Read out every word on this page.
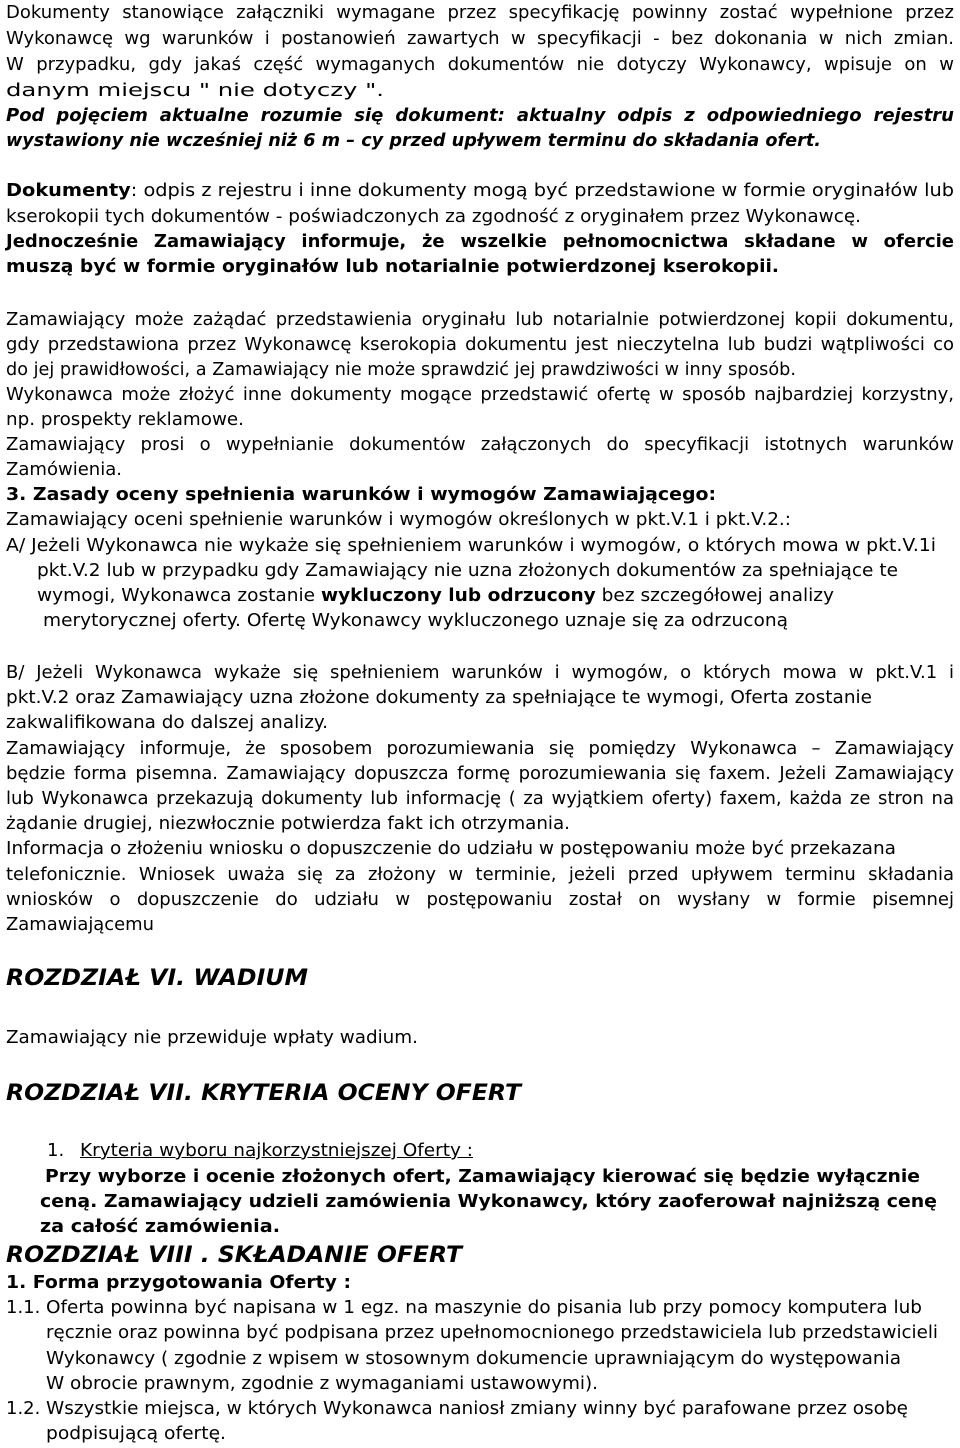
Dokumenty stanowiące załączniki wymagane przez specyfikację powinny zostać wypełnione przez
Wykonawcę wg warunków i postanowień zawartych w specyfikacji - bez dokonania w nich zmian.
W przypadku, gdy jakaś część wymaganych dokumentów nie dotyczy Wykonawcy, wpisuje on w
danym miejscu " nie dotyczy ".
Pod pojęciem aktualne rozumie się dokument: aktualny odpis z odpowiedniego rejestru
wystawiony nie wcześniej niż 6 m – cy przed upływem terminu do składania ofert.
Dokumenty: odpis z rejestru i inne dokumenty mogą być przedstawione w formie oryginałów lub
kserokopii tych dokumentów - poświadczonych za zgodność z oryginałem przez Wykonawcę.
Jednocześnie Zamawiający informuje, że wszelkie pełnomocnictwa składane w ofercie
muszą być w formie oryginałów lub notarialnie potwierdzonej kserokopii.
Zamawiający może zażądać przedstawienia oryginału lub notarialnie potwierdzonej kopii dokumentu,
gdy przedstawiona przez Wykonawcę kserokopia dokumentu jest nieczytelna lub budzi wątpliwości co
do jej prawidłowości, a Zamawiający nie może sprawdzić jej prawdziwości w inny sposób.
Wykonawca może złożyć inne dokumenty mogące przedstawić ofertę w sposób najbardziej korzystny,
np. prospekty reklamowe.
Zamawiający prosi o wypełnianie dokumentów załączonych do specyfikacji istotnych warunków
Zamówienia.
3. Zasady oceny spełnienia warunków i wymogów Zamawiającego:
Zamawiający oceni spełnienie warunków i wymogów określonych w pkt.V.1 i pkt.V.2.:
A/ Jeżeli Wykonawca nie wykaże się spełnieniem warunków i wymogów, o których mowa w pkt.V.1i
pkt.V.2 lub w przypadku gdy Zamawiający nie uzna złożonych dokumentów za spełniające te
wymogi, Wykonawca zostanie wykluczony lub odrzucony bez szczegółowej analizy
merytorycznej oferty. Ofertę Wykonawcy wykluczonego uznaje się za odrzuconą
B/ Jeżeli Wykonawca wykaże się spełnieniem warunków i wymogów, o których mowa w pkt.V.1 i
pkt.V.2 oraz Zamawiający uzna złożone dokumenty za spełniające te wymogi, Oferta zostanie
zakwalifikowana do dalszej analizy.
Zamawiający informuje, że sposobem porozumiewania się pomiędzy Wykonawca – Zamawiający
będzie forma pisemna. Zamawiający dopuszcza formę porozumiewania się faxem. Jeżeli Zamawiający
lub Wykonawca przekazują dokumenty lub informację ( za wyjątkiem oferty) faxem, każda ze stron na
żądanie drugiej, niezwłocznie potwierdza fakt ich otrzymania.
Informacja o złożeniu wniosku o dopuszczenie do udziału w postępowaniu może być przekazana
telefonicznie. Wniosek uważa się za złożony w terminie, jeżeli przed upływem terminu składania
wniosków o dopuszczenie do udziału w postępowaniu został on wysłany w formie pisemnej
Zamawiającemu
ROZDZIAŁ VI. WADIUM
Zamawiający nie przewiduje wpłaty wadium.
ROZDZIAŁ VII. KRYTERIA OCENY OFERT
1. Kryteria wyboru najkorzystniejszej Oferty :
Przy wyborze i ocenie złożonych ofert, Zamawiający kierować się będzie wyłącznie
ceną. Zamawiający udzieli zamówienia Wykonawcy, który zaoferował najniższą cenę
za całość zamówienia.
ROZDZIAŁ VIII . SKŁADANIE OFERT
1. Forma przygotowania Oferty :
1.1. Oferta powinna być napisana w 1 egz. na maszynie do pisania lub przy pomocy komputera lub
ręcznie oraz powinna być podpisana przez upełnomocnionego przedstawiciela lub przedstawicieli
Wykonawcy ( zgodnie z wpisem w stosownym dokumencie uprawniającym do występowania
W obrocie prawnym, zgodnie z wymaganiami ustawowymi).
1.2. Wszystkie miejsca, w których Wykonawca naniosł zmiany winny być parafowane przez osobę
podpisującą ofertę.
